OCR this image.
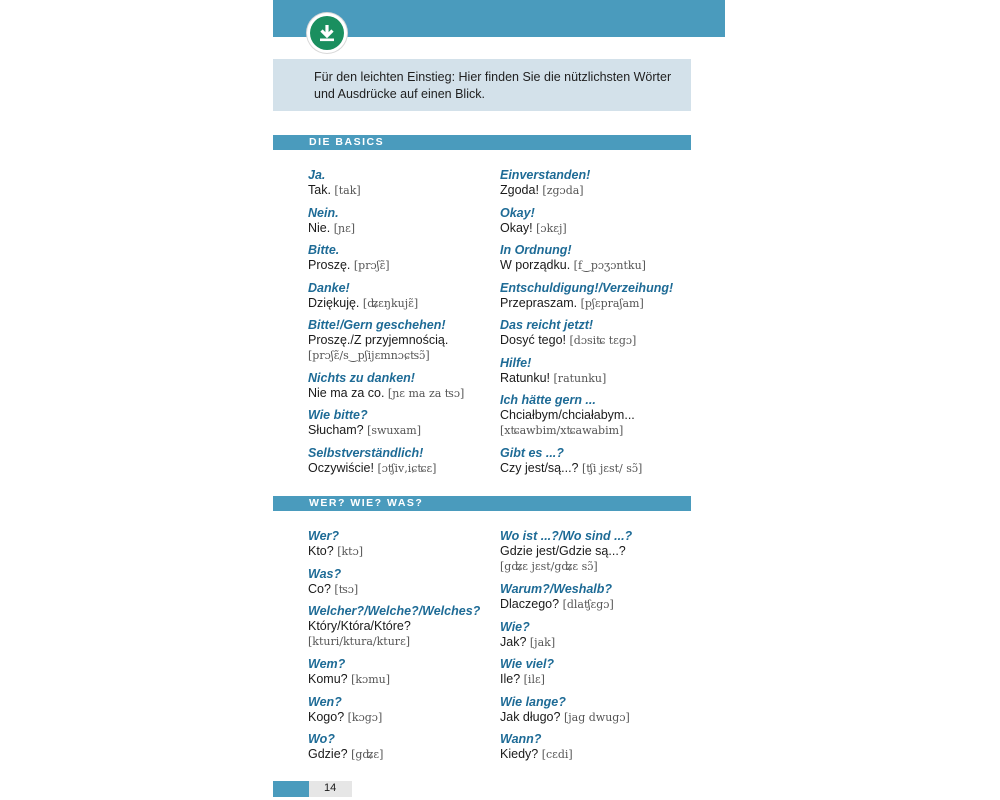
Für den leichten Einstieg: Hier finden Sie die nützlichsten Wörter und Ausdrücke auf einen Blick.
DIE BASICS
Ja.
Tak. [tak]
Nein.
Nie. [ɲɛ]
Bitte.
Proszę. [prɔʃɛ̃]
Danke!
Dziękuję. [ʥɛŋkujɛ̃]
Bitte!/Gern geschehen!
Proszę./Z przyjemnością.
[prɔʃɛ̃/s‿pʃijɛmnɔɕʦɔ̃]
Nichts zu danken!
Nie ma za co. [ɲɛ ma za ʦɔ]
Wie bitte?
Słucham? [swuxam]
Selbstverständlich!
Oczywiście! [ɔʧiv‚iɕʨɛ]
Einverstanden!
Zgoda! [zgɔda]
Okay!
Okay! [ɔkɛj]
In Ordnung!
W porządku. [f‿pɔʒɔntku]
Entschuldigung!/Verzeihung!
Przepraszam. [pʃɛpraʃam]
Das reicht jetzt!
Dosyć tego! [dɔsiʨ tɛgɔ]
Hilfe!
Ratunku! [ratunku]
Ich hätte gern ...
Chciałbym/chciałabym...
[xʨawbim/xʨawabim]
Gibt es ...?
Czy jest/są...? [ʧi jɛst/ sɔ̃]
WER? WIE? WAS?
Wer?
Kto? [ktɔ]
Was?
Co? [ʦɔ]
Welcher?/Welche?/Welches?
Który/Która/Które?
[kturi/ktura/kturɛ]
Wem?
Komu? [kɔmu]
Wen?
Kogo? [kɔgɔ]
Wo?
Gdzie? [gʥɛ]
Wo ist ...?/Wo sind ...?
Gdzie jest/Gdzie są...?
[gʥɛ jɛst/gʥɛ sɔ̃]
Warum?/Weshalb?
Dlaczego? [dlaʧɛgɔ]
Wie?
Jak? [jak]
Wie viel?
Ile? [ilɛ]
Wie lange?
Jak długo? [jag dwugɔ]
Wann?
Kiedy? [cɛdi]
14
